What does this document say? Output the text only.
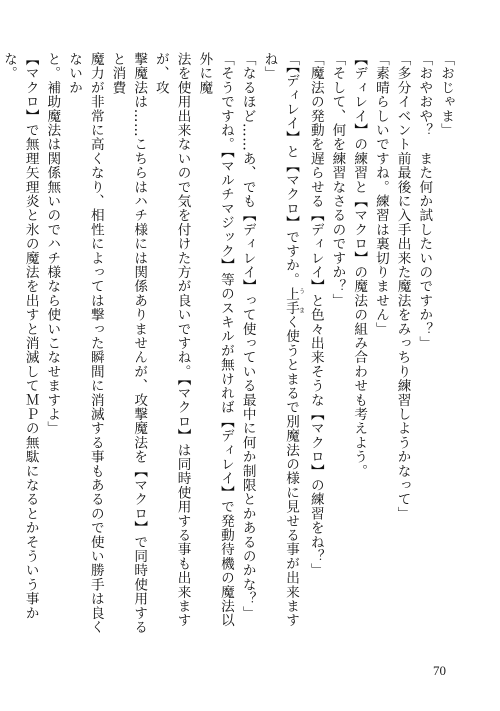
「おじゃま」
「おやおや？　また何か試したいのですか？」
「多分イベント前最後に入手出来た魔法をみっちり練習しようかなって」
「素晴らしいですね。練習は裏切りません」
【ディレイ】の練習と【マクロ】の魔法の組み合わせも考えよう。
「そして、何を練習なさるのですか？」
「魔法の発動を遅らせる【ディレイ】と色々出来そうな【マクロ】の練習をね？」
「【ディレイ】と【マクロ】ですか。上手う　まく使うとまるで別魔法の様に見せる事が出来ますね」
「なるほど……あ、でも【ディレイ】って使っている最中に何か制限とかあるのかな？」
「そうですね。【マルチマジック】等のスキルが無ければ【ディレイ】で発動待機の魔法以外に魔
法を使用出来ないので気を付けた方が良いですね。【マクロ】は同時使用する事も出来ますが、攻
撃魔法は……こちらはハチ様には関係ありませんが、攻撃魔法を【マクロ】で同時使用すると消費
魔力が非常に高くなり、相性によっては撃った瞬間に消滅する事もあるので使い勝手は良くないか
と。補助魔法は関係無いのでハチ様なら使いこなせますよ」
【マクロ】で無理矢理炎と氷の魔法を出すと消滅してＭＰの無駄になるとかそういう事かな。
70
